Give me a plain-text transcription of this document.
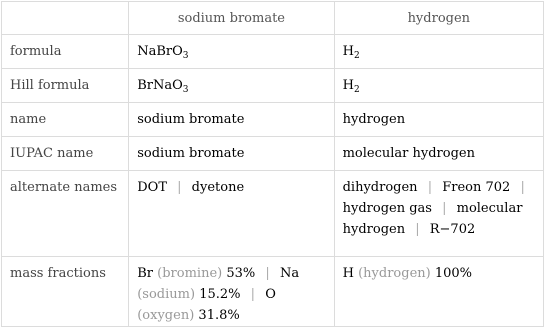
	sodium bromate	hydrogen
formula	NaBrO$_3$	$H_2$
Hill formula	BrNaO$_3$	$H_2$
name	sodium bromate	hydrogen
IUPAC name	sodium bromate	molecular hydrogen
alternate names	DOT | dyetone	dihydrogen | Freon 702 | hydrogen gas | molecular hydrogen | R−702
mass fractions	Br (bromine) 53% | Na (sodium) 15.2% | O (oxygen) 31.8%	H (hydrogen) 100%
